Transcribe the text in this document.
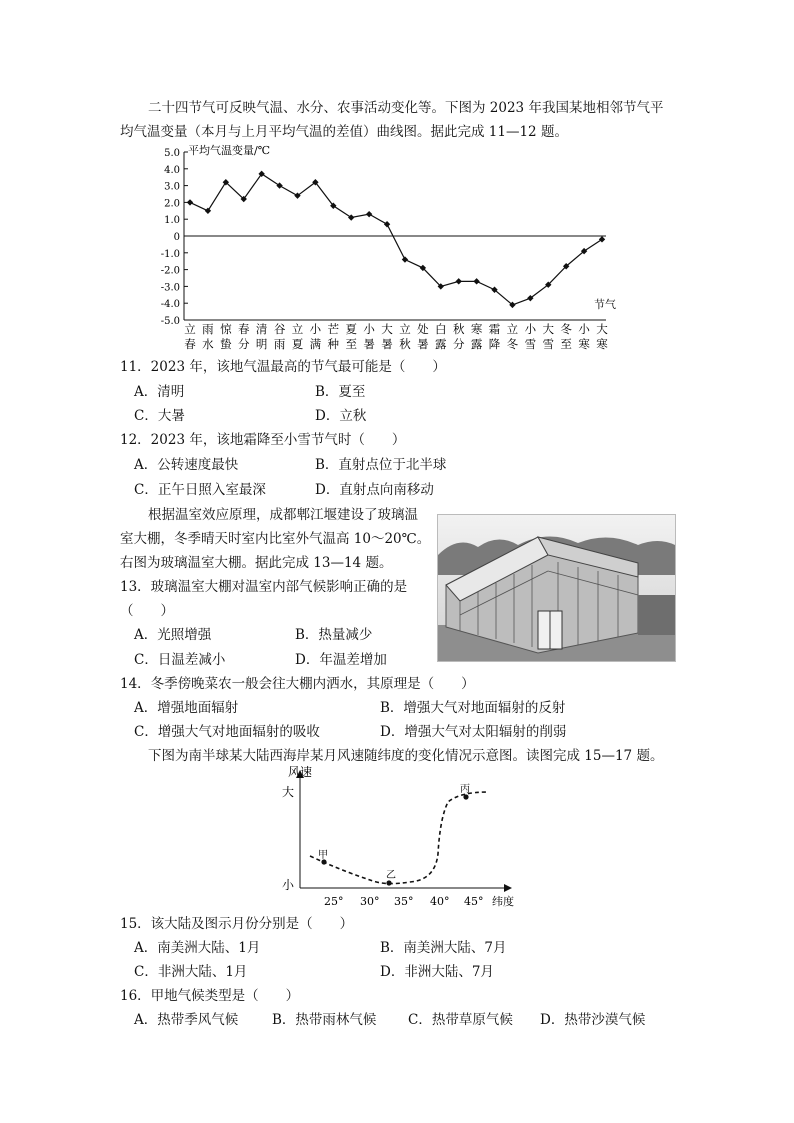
二十四节气可反映气温、水分、农事活动变化等。下图为 2023 年我国某地相邻节气平
均气温变量（本月与上月平均气温的差值）曲线图。据此完成 11—12 题。
平均气温变量/℃
节气
5.0
4.0
3.0
2.0
1.0
0
-1.0
-2.0
-3.0
-4.0
-5.0
立
春
雨
水
惊
蛰
春
分
清
明
谷
雨
立
夏
小
满
芒
种
夏
至
小
暑
大
暑
立
秋
处
暑
白
露
秋
分
寒
露
霜
降
立
冬
小
雪
大
雪
冬
至
小
寒
大
寒
11．2023 年，该地气温最高的节气最可能是（　　）
A．清明	B．夏至
C．大暑	D．立秋
12．2023 年，该地霜降至小雪节气时（　　）
A．公转速度最快	B．直射点位于北半球
C．正午日照入室最深	D．直射点向南移动
根据温室效应原理，成都郫江堰建设了玻璃温
室大棚，冬季晴天时室内比室外气温高 10～20℃。
右图为玻璃温室大棚。据此完成 13—14 题。
13．玻璃温室大棚对温室内部气候影响正确的是
（　　）
A．光照增强	B．热量减少
C．日温差减小	D．年温差增加
14．冬季傍晚菜农一般会往大棚内洒水，其原理是（　　）
A．增强地面辐射	B．增强大气对地面辐射的反射
C．增强大气对地面辐射的吸收	D．增强大气对太阳辐射的削弱
下图为南半球某大陆西海岸某月风速随纬度的变化情况示意图。读图完成 15—17 题。
风速
大
小
纬度
25° 30° 35° 40° 45°
甲
乙
丙
15．该大陆及图示月份分别是（　　）
A．南美洲大陆、1月	B．南美洲大陆、7月
C．非洲大陆、1月	D．非洲大陆、7月
16．甲地气候类型是（　　）
A．热带季风气候	B．热带雨林气候 C．热带草原气候 D．热带沙漠气候
